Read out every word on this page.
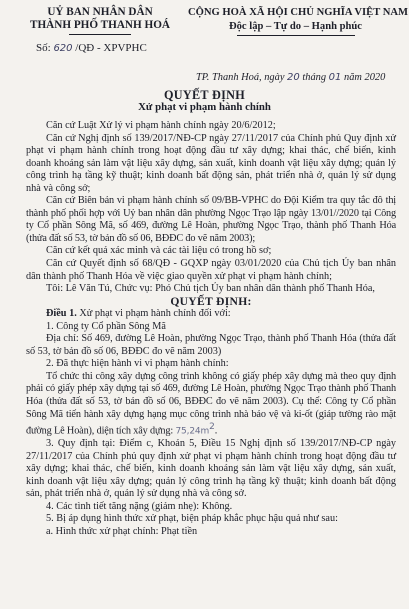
UỶ BAN NHÂN DÂN
THÀNH PHỐ THANH HOÁ
CỘNG HOÀ XÃ HỘI CHỦ NGHĨA VIỆT NAM
Độc lập – Tự do – Hạnh phúc
Số: 620 /QĐ - XPVPHC
TP. Thanh Hoá, ngày 20 tháng 01 năm 2020
QUYẾT ĐỊNH
Xử phạt vi phạm hành chính

Căn cứ Luật Xử lý vi phạm hành chính ngày 20/6/2012;

Căn cứ Nghị định số 139/2017/NĐ-CP ngày 27/11/2017 của Chính phủ Quy định xử phạt vi phạm hành chính trong hoạt động đầu tư xây dựng; khai thác, chế biến, kinh doanh khoáng sản làm vật liệu xây dựng, sản xuất, kinh doanh vật liệu xây dựng; quản lý công trình hạ tầng kỹ thuật; kinh doanh bất động sản, phát triển nhà ở, quản lý sử dụng nhà và công sở;

Căn cứ Biên bản vi phạm hành chính số 09/BB-VPHC do Đội Kiểm tra quy tắc đô thị thành phố phối hợp với Uỷ ban nhân dân phường Ngọc Trạo lập ngày 13/01//2020 tại Công ty Cổ phần Sông Mã, số 469, đường Lê Hoàn, phường Ngọc Trạo, thành phố Thanh Hóa (thửa đất số 53, tờ bản đồ số 06, BĐĐC đo vẽ năm 2003);

Căn cứ kết quả xác minh và các tài liệu có trong hồ sơ;

Căn cứ Quyết định số 68/QĐ - GQXP ngày 03/01/2020 của Chủ tịch Ủy ban nhân dân thành phố Thanh Hóa về việc giao quyền xử phạt vi phạm hành chính;

Tôi: Lê Văn Tú, Chức vụ: Phó Chủ tịch Ủy ban nhân dân thành phố Thanh Hóa,

QUYẾT ĐỊNH:

Điều 1. Xử phạt vi phạm hành chính đối với:

1. Công ty Cổ phần Sông Mã

Địa chỉ: Số 469, đường Lê Hoàn, phường Ngọc Trạo, thành phố Thanh Hóa (thửa đất số 53, tờ bản đồ số 06, BĐĐC đo vẽ năm 2003)

2. Đã thực hiện hành vi vi phạm hành chính:

Tổ chức thi công xây dựng công trình không có giấy phép xây dựng mà theo quy định phải có giấy phép xây dựng tại số 469, đường Lê Hoàn, phường Ngọc Trạo thành phố Thanh Hóa (thửa đất số 53, tờ bản đồ số 06, BĐĐC đo vẽ năm 2003). Cụ thể: Công ty Cổ phần Sông Mã tiến hành xây dựng hạng mục công trình nhà bảo vệ và ki-ốt (giáp tường rào mặt đường Lê Hoàn), diện tích xây dựng: $75,24m^2$.

3. Quy định tại: Điểm c, Khoản 5, Điều 15 Nghị định số 139/2017/NĐ-CP ngày 27/11/2017 của Chính phủ quy định xử phạt vi phạm hành chính trong hoạt động đầu tư xây dựng; khai thác, chế biến, kinh doanh khoáng sản làm vật liệu xây dựng, sản xuất, kinh doanh vật liệu xây dựng; quản lý công trình hạ tầng kỹ thuật; kinh doanh bất động sản, phát triển nhà ở, quản lý sử dụng nhà và công sở.

4. Các tình tiết tăng nặng (giảm nhẹ): Không.

5. Bị áp dụng hình thức xử phạt, biện pháp khắc phục hậu quả như sau:

a. Hình thức xử phạt chính: Phạt tiền
